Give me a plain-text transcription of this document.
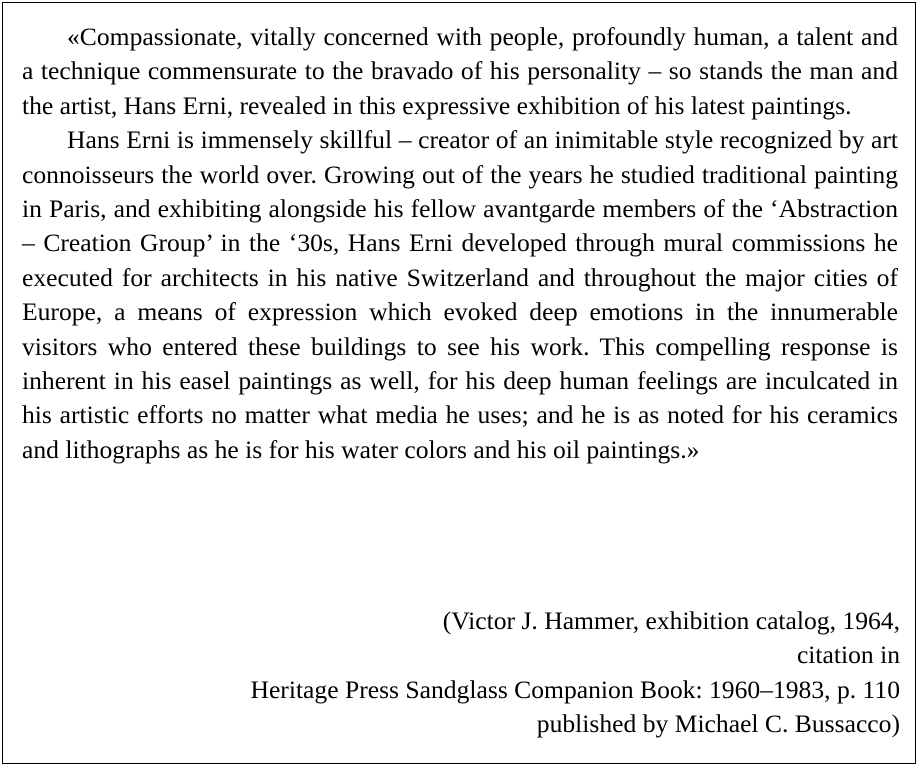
«Compassionate, vitally concerned with people, profoundly human, a talent and a technique commensurate to the bravado of his personality – so stands the man and the artist, Hans Erni, revealed in this expressive exhibition of his latest paintings.

Hans Erni is immensely skillful – creator of an inimitable style recognized by art connoisseurs the world over. Growing out of the years he studied traditional painting in Paris, and exhibiting alongside his fellow avantgarde members of the ‘Abstraction – Creation Group’ in the ‘30s, Hans Erni developed through mural commissions he executed for architects in his native Switzerland and throughout the major cities of Europe, a means of expression which evoked deep emotions in the innumerable visitors who entered these buildings to see his work. This compelling response is inherent in his easel paintings as well, for his deep human feelings are inculcated in his artistic efforts no matter what media he uses; and he is as noted for his ceramics and lithographs as he is for his water colors and his oil paintings.»

(Victor J. Hammer, exhibition catalog, 1964,
citation in
Heritage Press Sandglass Companion Book: 1960–1983, p. 110
published by Michael C. Bussacco)
